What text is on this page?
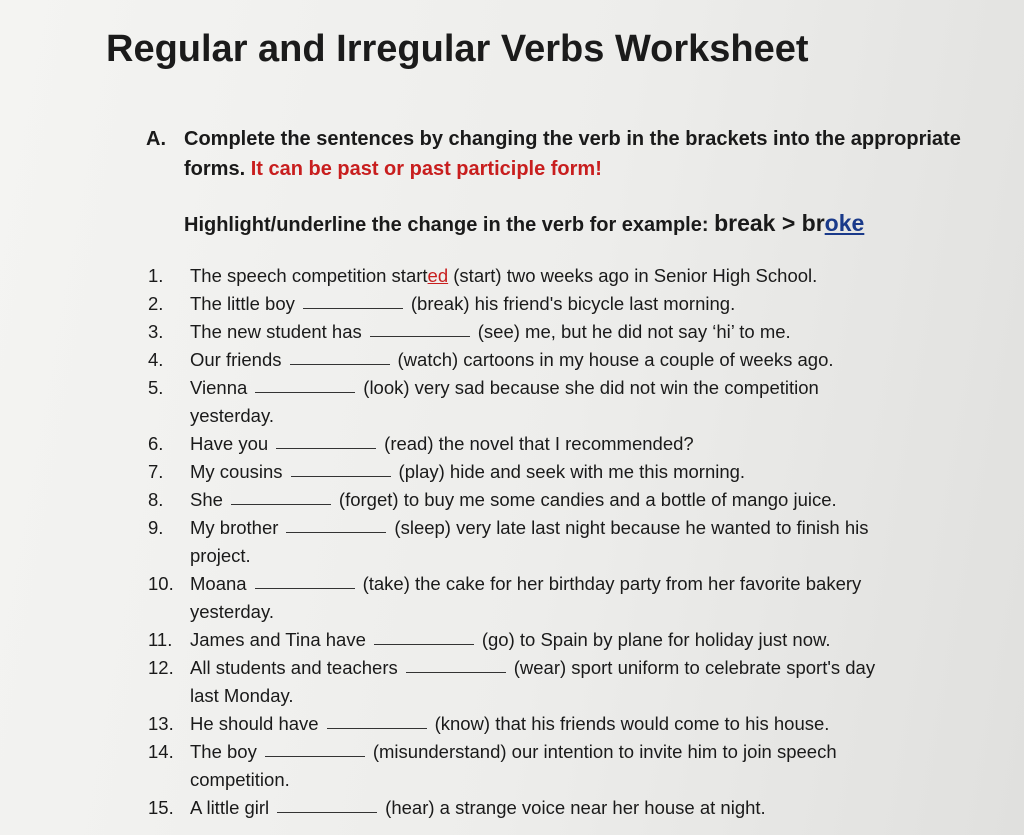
Regular and Irregular Verbs Worksheet
A. Complete the sentences by changing the verb in the brackets into the appropriate forms. It can be past or past participle form!
Highlight/underline the change in the verb for example: break > broke
1. The speech competition started (start) two weeks ago in Senior High School.
2. The little boy	(break) his friend's bicycle last morning.
3. The new student has	(see) me, but he did not say ‘hi’ to me.
4. Our friends	(watch) cartoons in my house a couple of weeks ago.
5. Vienna	(look) very sad because she did not win the competition
yesterday.
6. Have you	(read) the novel that I recommended?
7. My cousins	(play) hide and seek with me this morning.
8. She	(forget) to buy me some candies and a bottle of mango juice.
9. My brother	(sleep) very late last night because he wanted to finish his
project.
10. Moana	(take) the cake for her birthday party from her favorite bakery
yesterday.
11. James and Tina have	(go) to Spain by plane for holiday just now.
12. All students and teachers	(wear) sport uniform to celebrate sport's day
last Monday.
13. He should have	(know) that his friends would come to his house.
14. The boy	(misunderstand) our intention to invite him to join speech
competition.
15. A little girl	(hear) a strange voice near her house at night.
